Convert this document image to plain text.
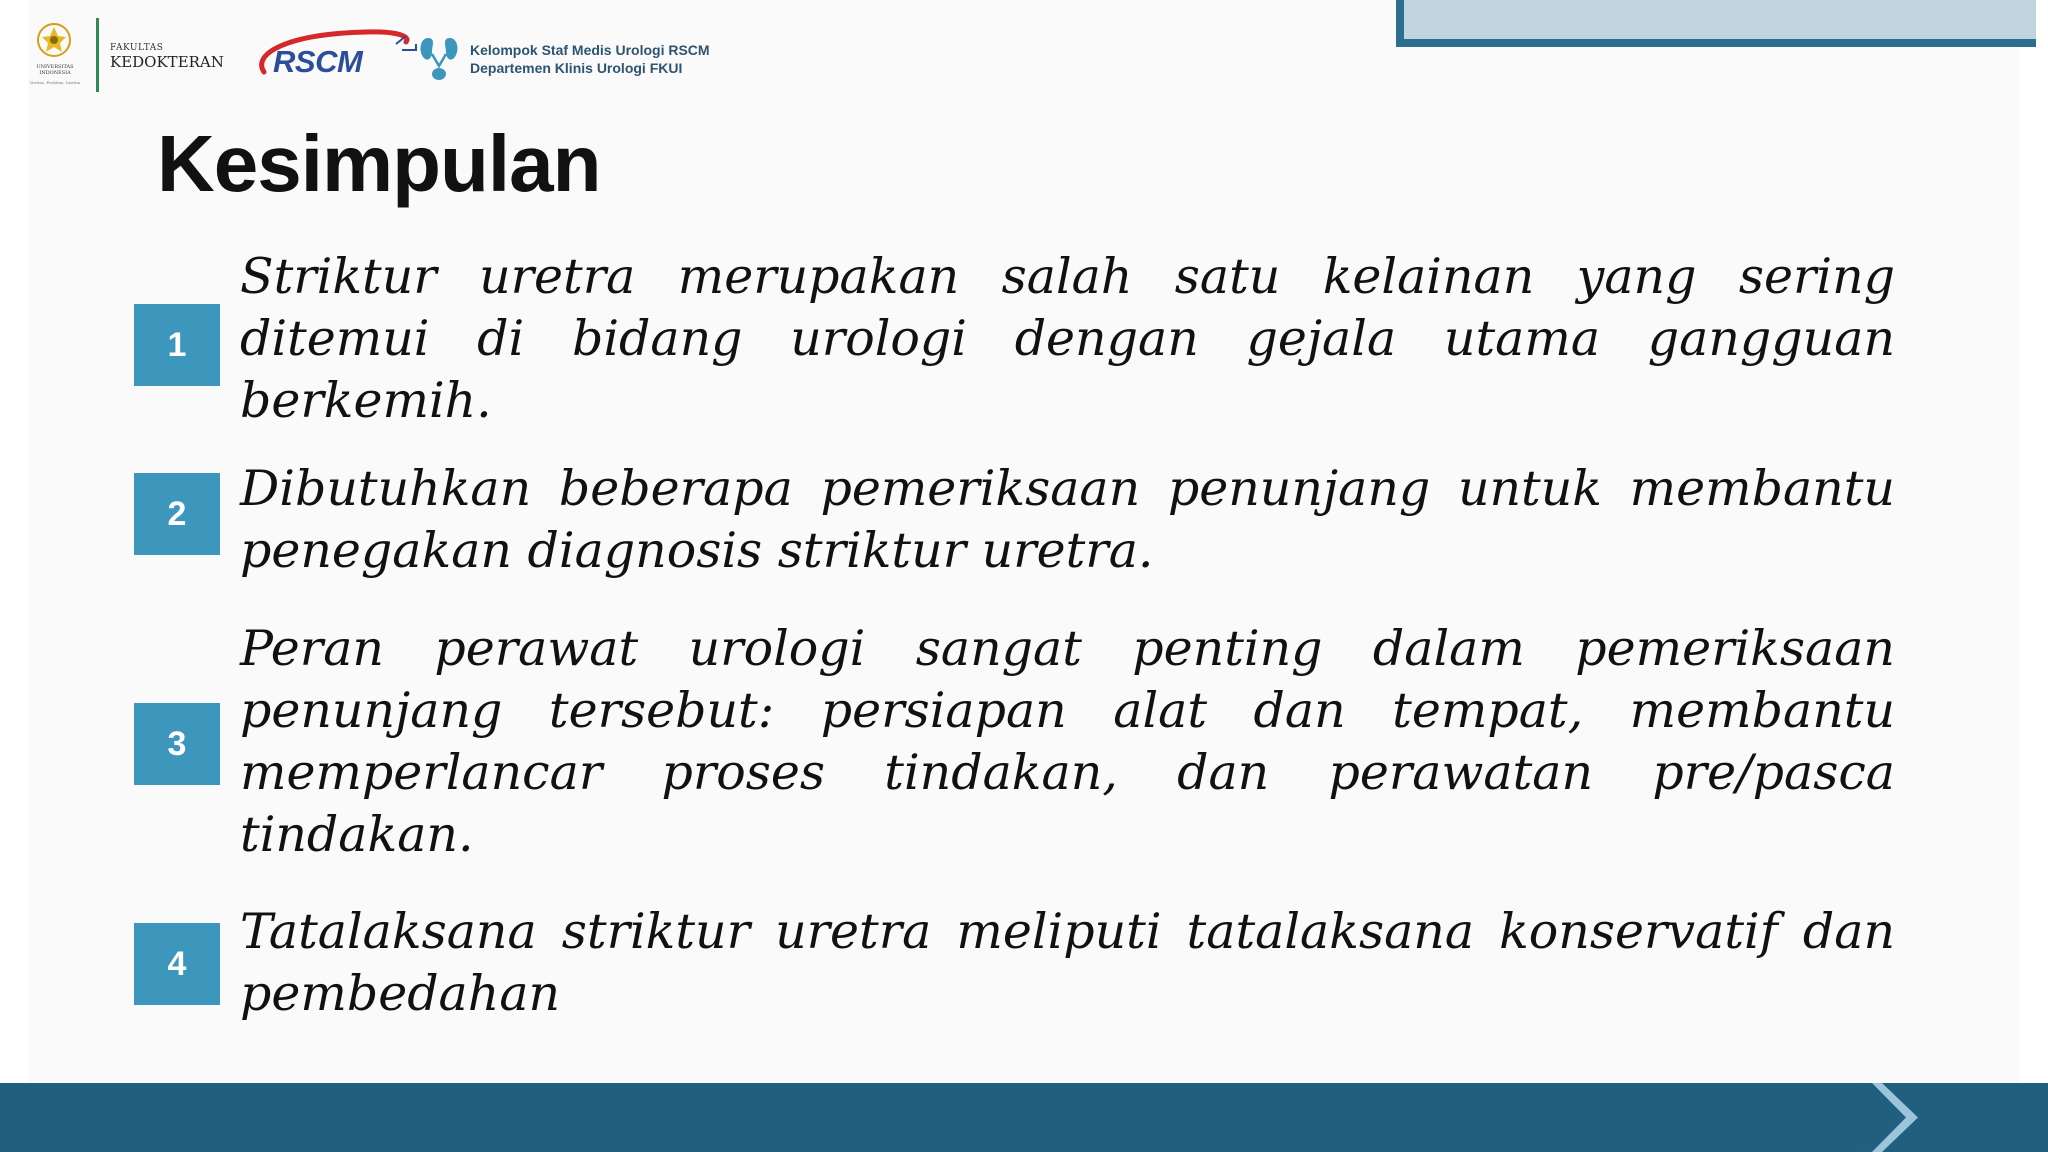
UNIVERSITAS INDONESIA
Veritas, Probitas, Iustitia
FAKULTAS
KEDOKTERAN RSCM	Kelompok Staf Medis Urologi RSCM
Departemen Klinis Urologi FKUI
Kesimpulan
1

Striktur uretra merupakan salah satu kelainan yang sering ditemui di bidang urologi dengan gejala utama gangguan berkemih.

2	Dibutuhkan beberapa pemeriksaan penunjang untuk membantu penegakan diagnosis striktur uretra.

3

Peran perawat urologi sangat penting dalam pemeriksaan penunjang tersebut: persiapan alat dan tempat, membantu memperlancar proses tindakan, dan perawatan pre/pasca tindakan.

4

Tatalaksana striktur uretra meliputi tatalaksana konservatif dan pembedahan
